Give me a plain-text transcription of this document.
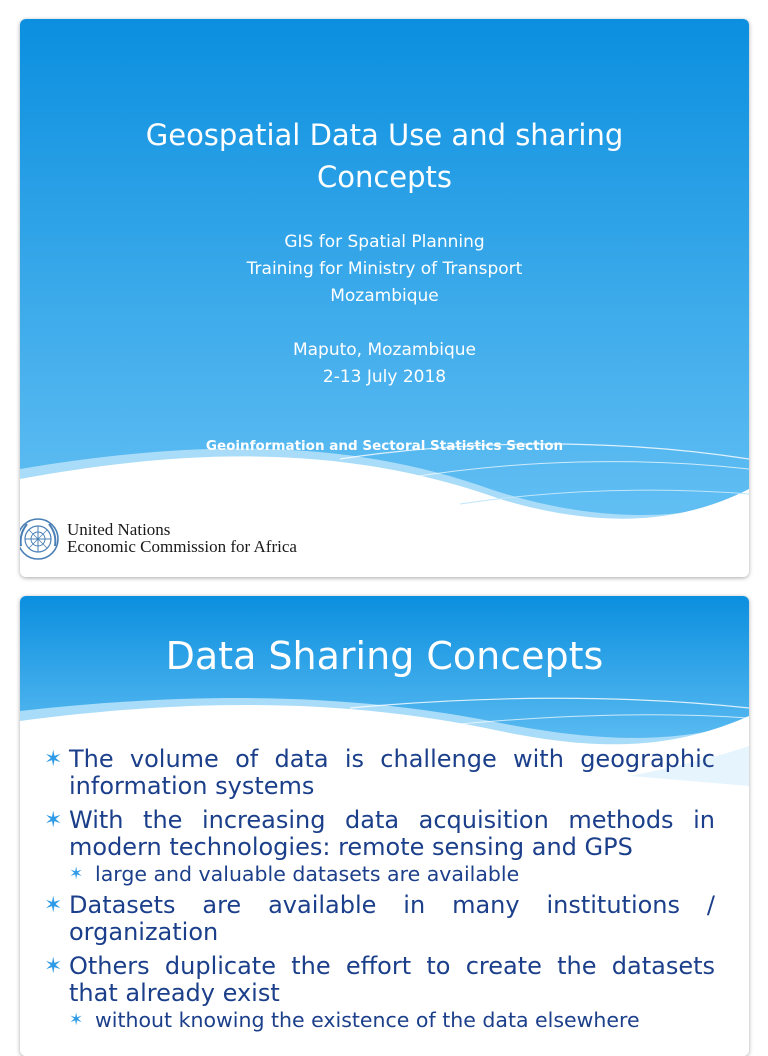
Geospatial Data Use and sharing
Concepts
GIS for Spatial Planning
Training for Ministry of Transport
Mozambique
Maputo, Mozambique
2-13 July 2018
Geoinformation and Sectoral Statistics Section
United Nations
Economic Commission for Africa
Data Sharing Concepts
✶ The volume of data is challenge with geographic information systems
✶ With the increasing data acquisition methods in modern technologies: remote sensing and GPS
✶ large and valuable datasets are available
✶ Datasets are available in many institutions / organization
✶ Others duplicate the effort to create the datasets that already exist
✶ without knowing the existence of the data elsewhere
